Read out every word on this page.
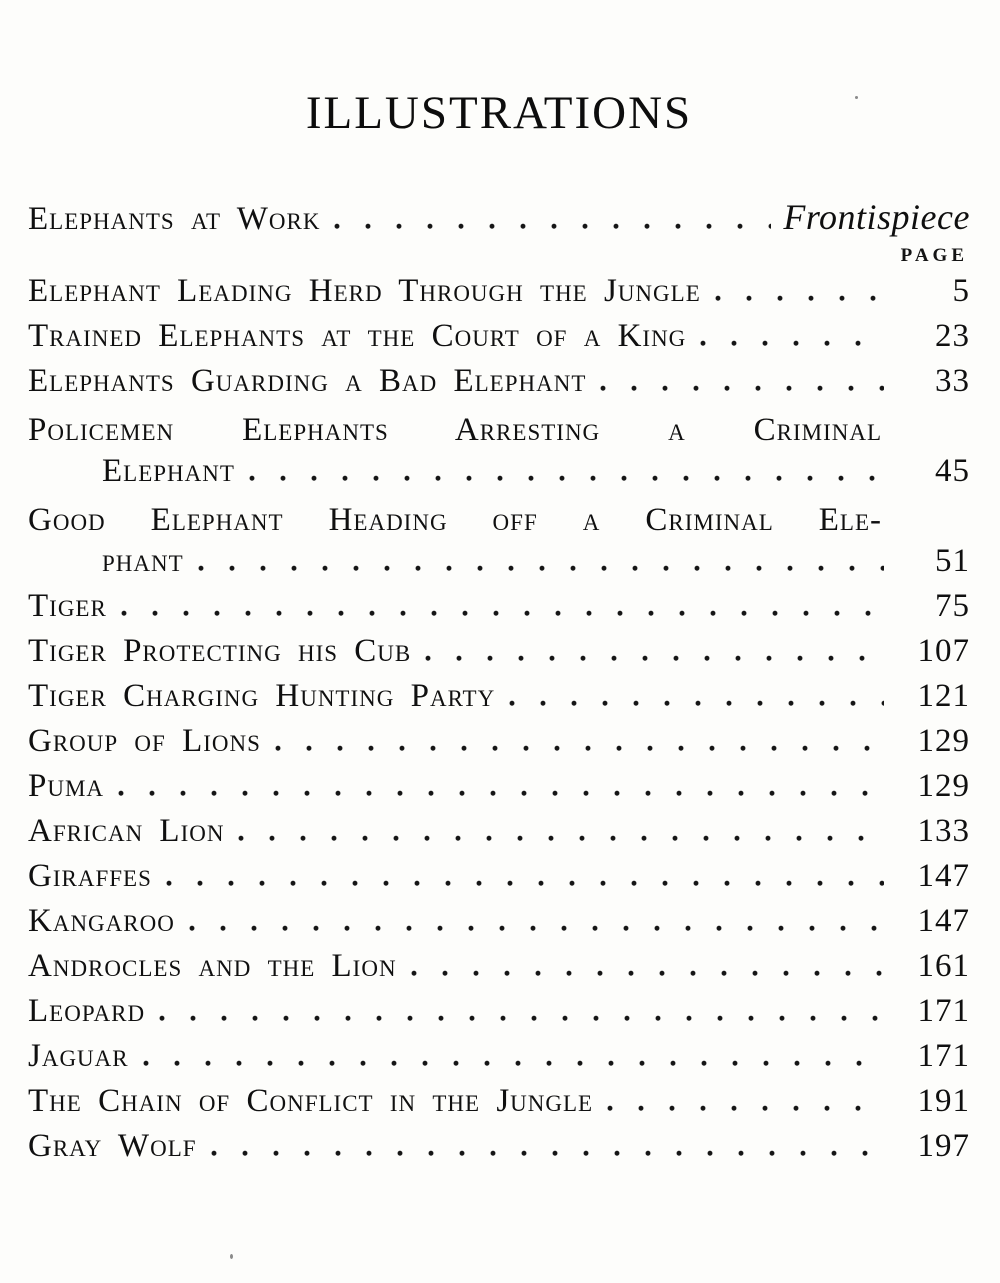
ILLUSTRATIONS
Elephants at Work	Frontispiece
PAGE
Elephant Leading Herd Through the Jungle	5
Trained Elephants at the Court of a King	23
Elephants Guarding a Bad Elephant	33
Policemen Elephants Arresting a Criminal
Elephant	45
Good Elephant Heading off a Criminal Ele-
phant	51
Tiger	75
Tiger Protecting his Cub	107
Tiger Charging Hunting Party	121
Group of Lions	129
Puma	129
African Lion	133
Giraffes	147
Kangaroo	147
Androcles and the Lion	161
Leopard	171
Jaguar	171
The Chain of Conflict in the Jungle	191
Gray Wolf	197
